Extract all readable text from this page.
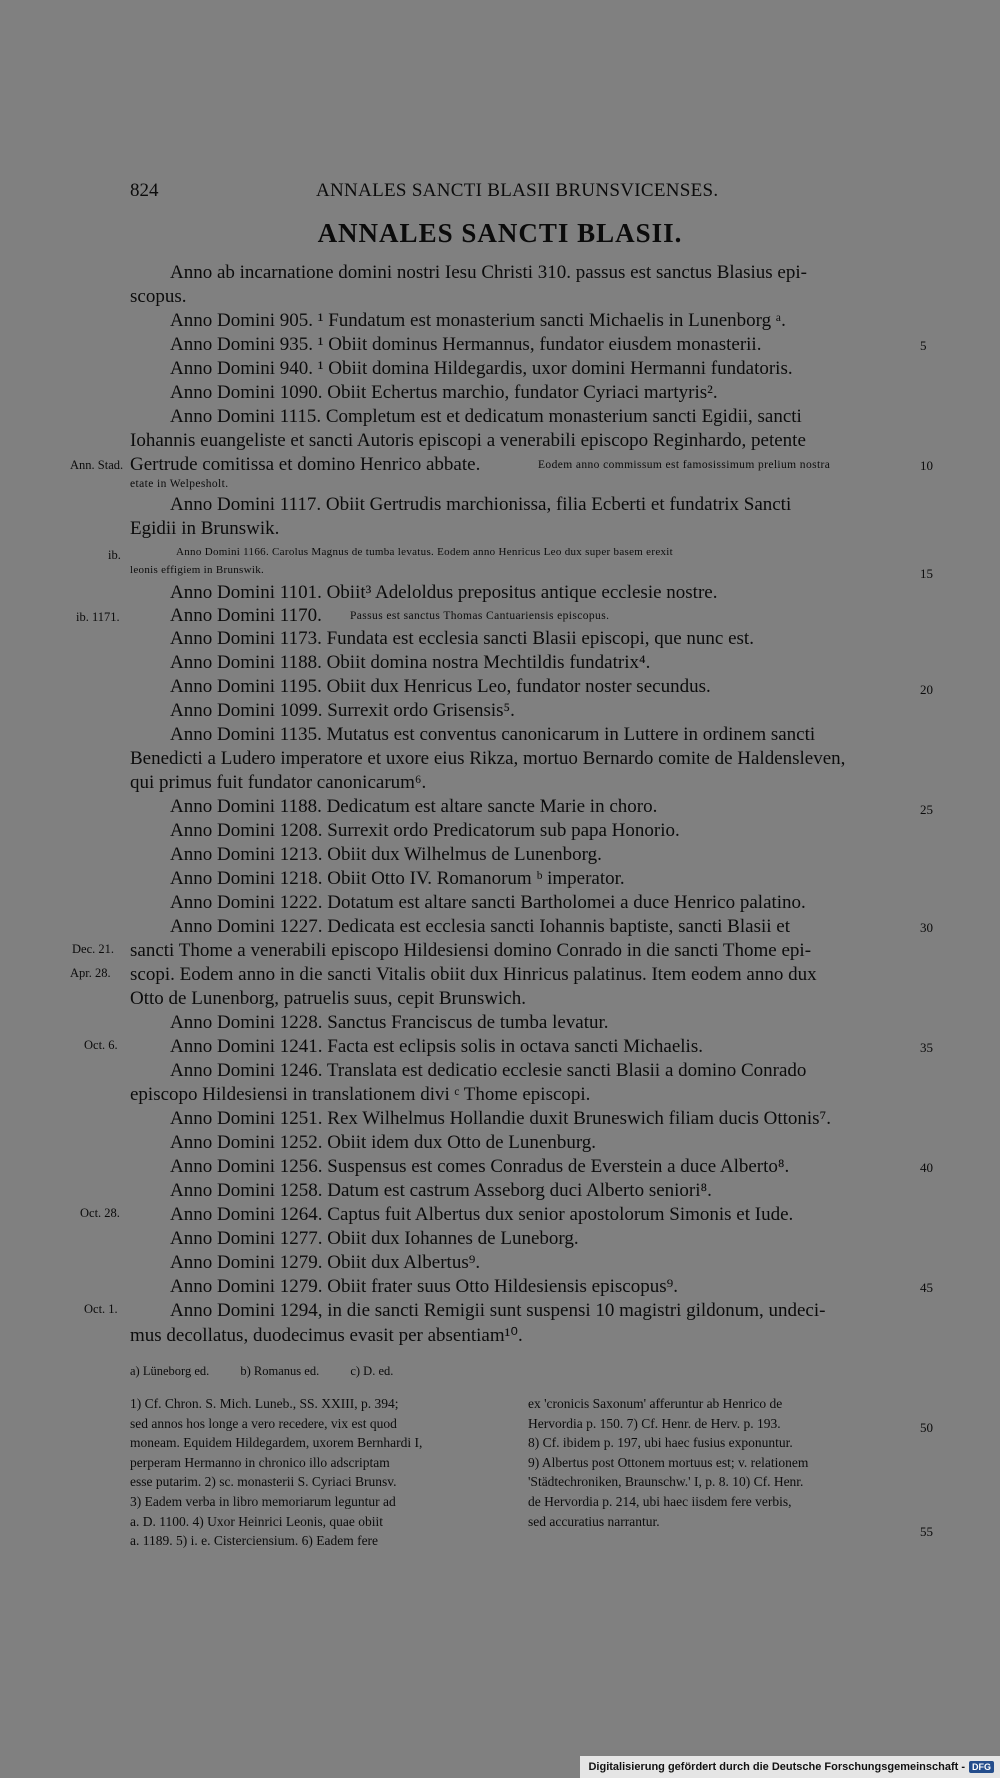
824	ANNALES SANCTI BLASII BRUNSVICENSES.
ANNALES SANCTI BLASII.
Anno ab incarnatione domini nostri Iesu Christi 310. passus est sanctus Blasius epi-
scopus.
Anno Domini 905. ¹ Fundatum est monasterium sancti Michaelis in Lunenborg ᵃ.
Anno Domini 935. ¹ Obiit dominus Hermannus, fundator eiusdem monasterii.
Anno Domini 940. ¹ Obiit domina Hildegardis, uxor domini Hermanni fundatoris.
Anno Domini 1090. Obiit Echertus marchio, fundator Cyriaci martyris².
Anno Domini 1115. Completum est et dedicatum monasterium sancti Egidii, sancti
Iohannis euangeliste et sancti Autoris episcopi a venerabili episcopo Reginhardo, petente
Gertrude comitissa et domino Henrico abbate.	Eodem anno commissum est famosissimum prelium nostra
etate in Welpesholt.
Anno Domini 1117. Obiit Gertrudis marchionissa, filia Ecberti et fundatrix Sancti
Egidii in Brunswik.
Anno Domini 1166. Carolus Magnus de tumba levatus. Eodem anno Henricus Leo dux super basem erexit
leonis effigiem in Brunswik.
Anno Domini 1101. Obiit³ Adeloldus prepositus antique ecclesie nostre.
Anno Domini 1170. Passus est sanctus Thomas Cantuariensis episcopus.
Anno Domini 1173. Fundata est ecclesia sancti Blasii episcopi, que nunc est.
Anno Domini 1188. Obiit domina nostra Mechtildis fundatrix⁴.
Anno Domini 1195. Obiit dux Henricus Leo, fundator noster secundus.
Anno Domini 1099. Surrexit ordo Grisensis⁵.
Anno Domini 1135. Mutatus est conventus canonicarum in Luttere in ordinem sancti
Benedicti a Ludero imperatore et uxore eius Rikza, mortuo Bernardo comite de Haldensleven,
qui primus fuit fundator canonicarum⁶.
Anno Domini 1188. Dedicatum est altare sancte Marie in choro.
Anno Domini 1208. Surrexit ordo Predicatorum sub papa Honorio.
Anno Domini 1213. Obiit dux Wilhelmus de Lunenborg.
Anno Domini 1218. Obiit Otto IV. Romanorum ᵇ imperator.
Anno Domini 1222. Dotatum est altare sancti Bartholomei a duce Henrico palatino.
Anno Domini 1227. Dedicata est ecclesia sancti Iohannis baptiste, sancti Blasii et
sancti Thome a venerabili episcopo Hildesiensi domino Conrado in die sancti Thome epi-
scopi. Eodem anno in die sancti Vitalis obiit dux Hinricus palatinus. Item eodem anno dux
Otto de Lunenborg, patruelis suus, cepit Brunswich.
Anno Domini 1228. Sanctus Franciscus de tumba levatur.
Anno Domini 1241. Facta est eclipsis solis in octava sancti Michaelis.
Anno Domini 1246. Translata est dedicatio ecclesie sancti Blasii a domino Conrado
episcopo Hildesiensi in translationem divi ᶜ Thome episcopi.
Anno Domini 1251. Rex Wilhelmus Hollandie duxit Bruneswich filiam ducis Ottonis⁷.
Anno Domini 1252. Obiit idem dux Otto de Lunenburg.
Anno Domini 1256. Suspensus est comes Conradus de Everstein a duce Alberto⁸.
Anno Domini 1258. Datum est castrum Asseborg duci Alberto seniori⁸.
Anno Domini 1264. Captus fuit Albertus dux senior apostolorum Simonis et Iude.
Anno Domini 1277. Obiit dux Iohannes de Luneborg.
Anno Domini 1279. Obiit dux Albertus⁹.
Anno Domini 1279. Obiit frater suus Otto Hildesiensis episcopus⁹.
Anno Domini 1294, in die sancti Remigii sunt suspensi 10 magistri gildonum, undeci-
mus decollatus, duodecimus evasit per absentiam¹⁰.
Ann. Stad.
ib.
ib. 1171.
Dec. 21.
Apr. 28.
Oct. 6.
Oct. 28.
Oct. 1.
5
10
15
20
25
30
35
40
45
50
55
a) Lüneborg ed. b) Romanus ed. c) D. ed.
1) Cf. Chron. S. Mich. Luneb., SS. XXIII, p. 394;
sed annos hos longe a vero recedere, vix est quod
moneam. Equidem Hildegardem, uxorem Bernhardi I,
perperam Hermanno in chronico illo adscriptam
esse putarim. 2) sc. monasterii S. Cyriaci Brunsv.
3) Eadem verba in libro memoriarum leguntur ad
a. D. 1100. 4) Uxor Heinrici Leonis, quae obiit
a. 1189. 5) i. e. Cisterciensium. 6) Eadem fere
ex 'cronicis Saxonum' afferuntur ab Henrico de
Hervordia p. 150. 7) Cf. Henr. de Herv. p. 193.
8) Cf. ibidem p. 197, ubi haec fusius exponuntur.
9) Albertus post Ottonem mortuus est; v. relationem
'Städtechroniken, Braunschw.' I, p. 8. 10) Cf. Henr.
de Hervordia p. 214, ubi haec iisdem fere verbis,
sed accuratius narrantur.
Digitalisierung gefördert durch die Deutsche Forschungsgemeinschaft - DFG
